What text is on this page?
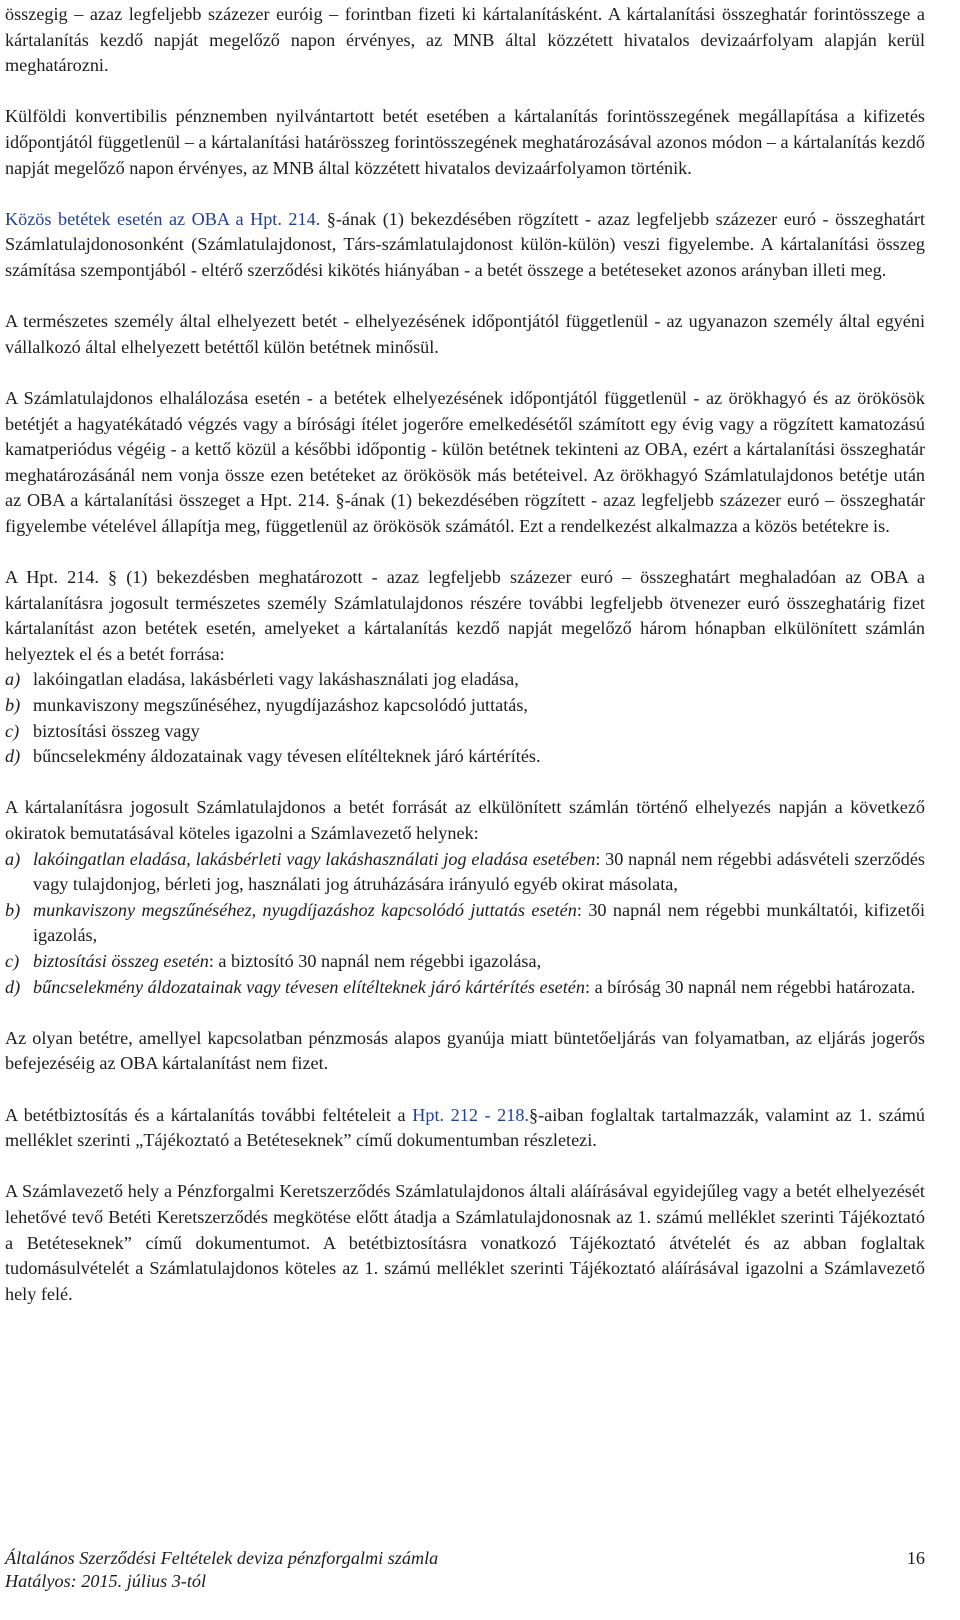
összegig – azaz legfeljebb százezer euróig – forintban fizeti ki kártalanításként. A kártalanítási összeghatár forintösszege a kártalanítás kezdő napját megelőző napon érvényes, az MNB által közzétett hivatalos devizaárfolyam alapján kerül meghatározni.

Külföldi konvertibilis pénznemben nyilvántartott betét esetében a kártalanítás forintösszegének megállapítása a kifizetés időpontjától függetlenül – a kártalanítási határösszeg forintösszegének meghatározásával azonos módon – a kártalanítás kezdő napját megelőző napon érvényes, az MNB által közzétett hivatalos devizaárfolyamon történik.

Közös betétek esetén az OBA a Hpt. 214. §-ának (1) bekezdésében rögzített - azaz legfeljebb százezer euró - összeghatárt Számlatulajdonosonként (Számlatulajdonost, Társ-számlatulajdonost külön-külön) veszi figyelembe. A kártalanítási összeg számítása szempontjából - eltérő szerződési kikötés hiányában - a betét összege a betéteseket azonos arányban illeti meg.

A természetes személy által elhelyezett betét - elhelyezésének időpontjától függetlenül - az ugyanazon személy által egyéni vállalkozó által elhelyezett betéttől külön betétnek minősül.

A Számlatulajdonos elhalálozása esetén - a betétek elhelyezésének időpontjától függetlenül - az örökhagyó és az örökösök betétjét a hagyatékátadó végzés vagy a bírósági ítélet jogerőre emelkedésétől számított egy évig vagy a rögzített kamatozású kamatperiódus végéig - a kettő közül a későbbi időpontig - külön betétnek tekinteni az OBA, ezért a kártalanítási összeghatár meghatározásánál nem vonja össze ezen betéteket az örökösök más betéteivel. Az örökhagyó Számlatulajdonos betétje után az OBA a kártalanítási összeget a Hpt. 214. §-ának (1) bekezdésében rögzített - azaz legfeljebb százezer euró – összeghatár figyelembe vételével állapítja meg, függetlenül az örökösök számától. Ezt a rendelkezést alkalmazza a közös betétekre is.

A Hpt. 214. § (1) bekezdésben meghatározott - azaz legfeljebb százezer euró – összeghatárt meghaladóan az OBA a kártalanításra jogosult természetes személy Számlatulajdonos részére további legfeljebb ötvenezer euró összeghatárig fizet kártalanítást azon betétek esetén, amelyeket a kártalanítás kezdő napját megelőző három hónapban elkülönített számlán helyeztek el és a betét forrása:

a) lakóingatlan eladása, lakásbérleti vagy lakáshasználati jog eladása,
b) munkaviszony megszűnéséhez, nyugdíjazáshoz kapcsolódó juttatás,
c) biztosítási összeg vagy
d) bűncselekmény áldozatainak vagy tévesen elítélteknek járó kártérítés.

A kártalanításra jogosult Számlatulajdonos a betét forrását az elkülönített számlán történő elhelyezés napján a következő okiratok bemutatásával köteles igazolni a Számlavezető helynek:

a) lakóingatlan eladása, lakásbérleti vagy lakáshasználati jog eladása esetében: 30 napnál nem régebbi adásvételi szerződés vagy tulajdonjog, bérleti jog, használati jog átruházására irányuló egyéb okirat másolata,
b) munkaviszony megszűnéséhez, nyugdíjazáshoz kapcsolódó juttatás esetén: 30 napnál nem régebbi munkáltatói, kifizetői igazolás,
c) biztosítási összeg esetén: a biztosító 30 napnál nem régebbi igazolása,
d) bűncselekmény áldozatainak vagy tévesen elítélteknek járó kártérítés esetén: a bíróság 30 napnál nem régebbi határozata.

Az olyan betétre, amellyel kapcsolatban pénzmosás alapos gyanúja miatt büntetőeljárás van folyamatban, az eljárás jogerős befejezéséig az OBA kártalanítást nem fizet.

A betétbiztosítás és a kártalanítás további feltételeit a Hpt. 212 - 218.§-aiban foglaltak tartalmazzák, valamint az 1. számú melléklet szerinti „Tájékoztató a Betéteseknek” című dokumentumban részletezi.

A Számlavezető hely a Pénzforgalmi Keretszerződés Számlatulajdonos általi aláírásával egyidejűleg vagy a betét elhelyezését lehetővé tevő Betéti Keretszerződés megkötése előtt átadja a Számlatulajdonosnak az 1. számú melléklet szerinti Tájékoztató a Betéteseknek” című dokumentumot. A betétbiztosításra vonatkozó Tájékoztató átvételét és az abban foglaltak tudomásulvételét a Számlatulajdonos köteles az 1. számú melléklet szerinti Tájékoztató aláírásával igazolni a Számlavezető hely felé.

Általános Szerződési Feltételek deviza pénzforgalmi számla
Hatályos: 2015. július 3-tól
16
